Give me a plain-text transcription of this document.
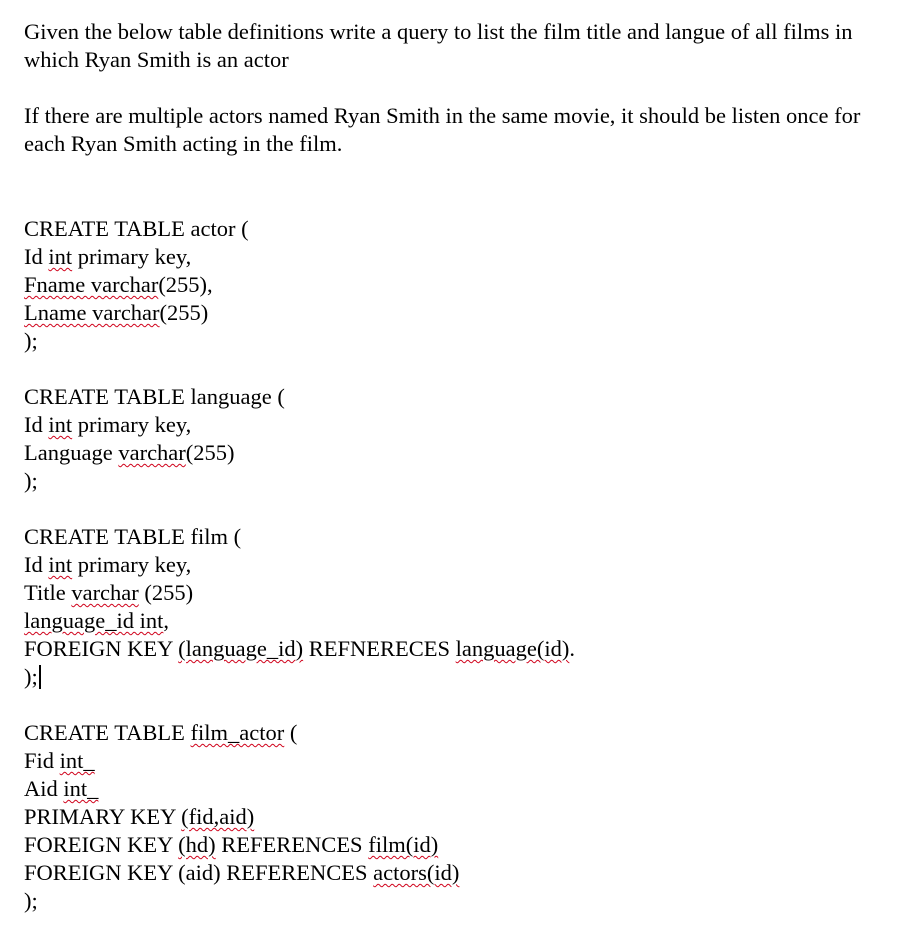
Given the below table definitions write a query to list the film title and langue of all films in which Ryan Smith is an actor

If there are multiple actors named Ryan Smith in the same movie, it should be listen once for each Ryan Smith acting in the film.

CREATE TABLE actor (
Id int primary key,
Fname varchar(255),
Lname varchar(255)
);
CREATE TABLE language (
Id int primary key,
Language varchar(255)
);
CREATE TABLE film (
Id int primary key,
Title varchar (255)
language_id int,
FOREIGN KEY (language_id) REFNERECES language(id).
);
CREATE TABLE film_actor (
Fid int_
Aid int_
PRIMARY KEY (fid,aid)
FOREIGN KEY (hd) REFERENCES film(id)
FOREIGN KEY (aid) REFERENCES actors(id)
);
